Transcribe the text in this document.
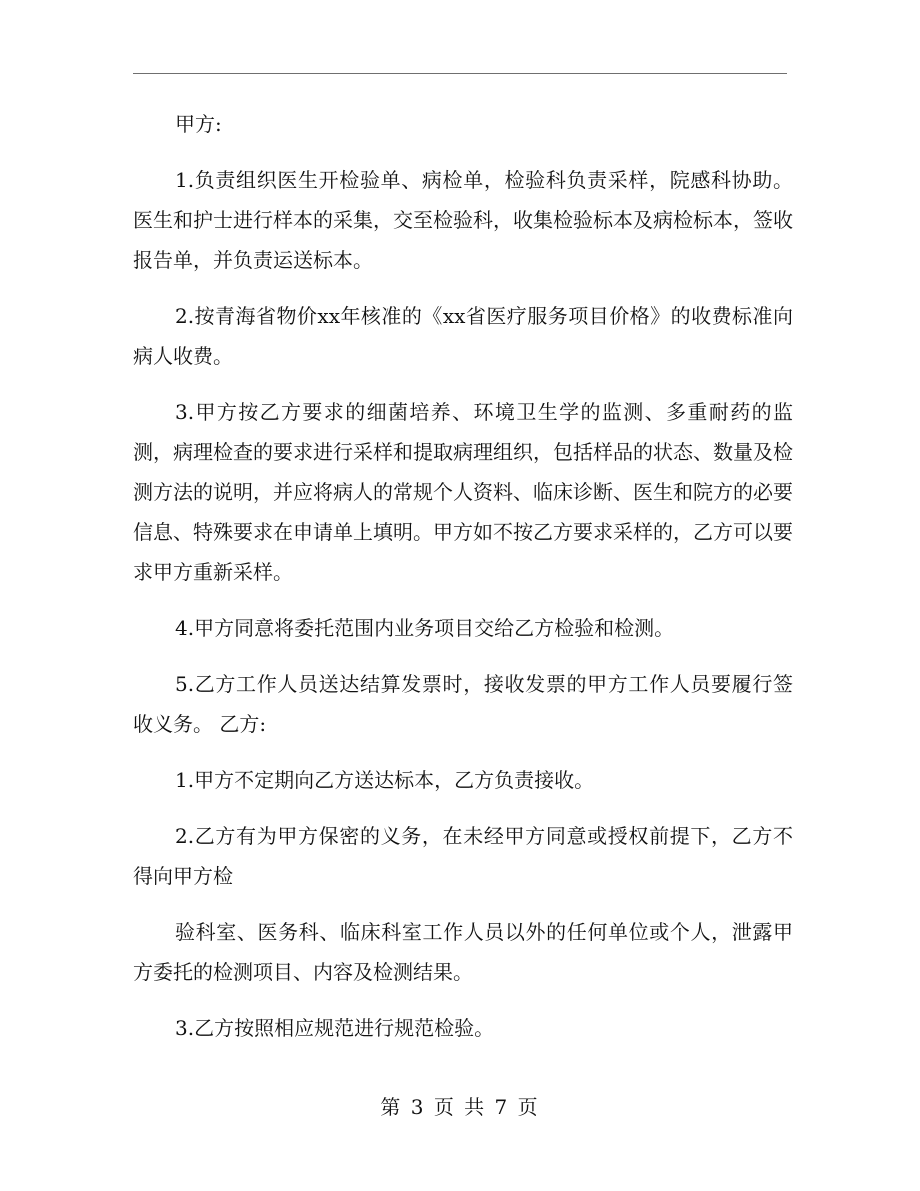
甲方:

1.负责组织医生开检验单、病检单，检验科负责采样，院感科协助。医生和护士进行样本的采集，交至检验科，收集检验标本及病检标本，签收报告单，并负责运送标本。

2.按青海省物价xx年核准的《xx省医疗服务项目价格》的收费标准向病人收费。

3.甲方按乙方要求的细菌培养、环境卫生学的监测、多重耐药的监测，病理检查的要求进行采样和提取病理组织，包括样品的状态、数量及检测方法的说明，并应将病人的常规个人资料、临床诊断、医生和院方的必要信息、特殊要求在申请单上填明。甲方如不按乙方要求采样的，乙方可以要求甲方重新采样。

4.甲方同意将委托范围内业务项目交给乙方检验和检测。

5.乙方工作人员送达结算发票时，接收发票的甲方工作人员要履行签收义务。 乙方:

1.甲方不定期向乙方送达标本，乙方负责接收。

2.乙方有为甲方保密的义务，在未经甲方同意或授权前提下，乙方不得向甲方检

验科室、医务科、临床科室工作人员以外的任何单位或个人，泄露甲方委托的检测项目、内容及检测结果。

3.乙方按照相应规范进行规范检验。

第 3 页 共 7 页
